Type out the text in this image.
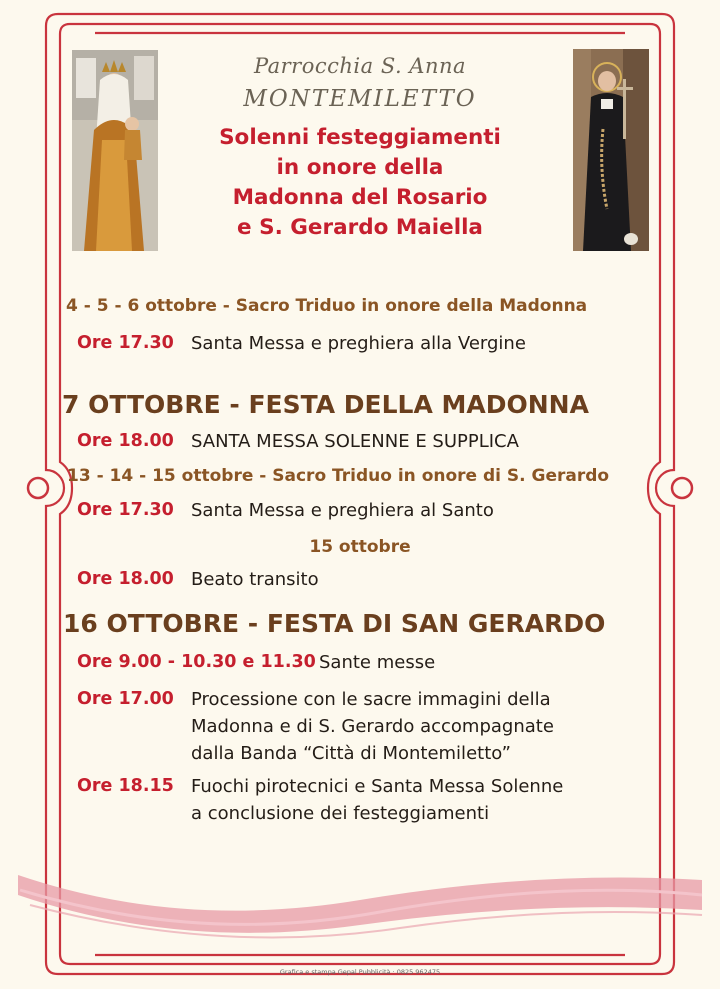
Parrocchia S. Anna
MONTEMILETTO
Solenni festeggiamenti
in onore della
Madonna del Rosario
e S. Gerardo Maiella
4 - 5 - 6 ottobre - Sacro Triduo in onore della Madonna
Ore 17.30 Santa Messa e preghiera alla Vergine
7 OTTOBRE - FESTA DELLA MADONNA
Ore 18.00 SANTA MESSA SOLENNE E SUPPLICA
13 - 14 - 15 ottobre - Sacro Triduo in onore di S. Gerardo
Ore 17.30 Santa Messa e preghiera al Santo
15 ottobre
Ore 18.00 Beato transito
16 OTTOBRE - FESTA DI SAN GERARDO
Ore 9.00 - 10.30 e 11.30 Sante messe
Ore 17.00 Processione con le sacre immagini della
Madonna e di S. Gerardo accompagnate
dalla Banda “Città di Montemiletto”
Ore 18.15 Fuochi pirotecnici e Santa Messa Solenne
a conclusione dei festeggiamenti
Grafica e stampa Gepal Pubblicità · 0825 962475
